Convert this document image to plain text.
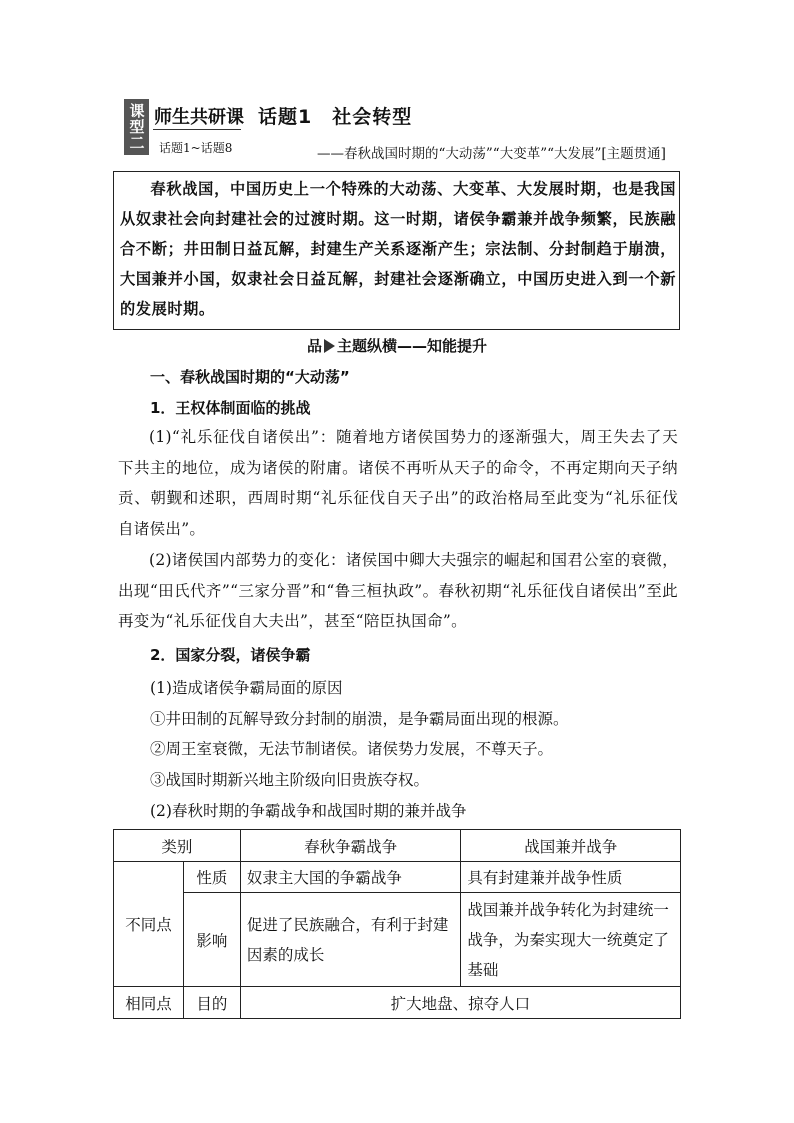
课型二 师生共研课
话题1~话题8
话题1　社会转型
——春秋战国时期的“大动荡”“大变革”“大发展”[主题贯通]
春秋战国，中国历史上一个特殊的大动荡、大变革、大发展时期，也是我国从奴隶社会向封建社会的过渡时期。这一时期，诸侯争霸兼并战争频繁，民族融合不断；井田制日益瓦解，封建生产关系逐渐产生；宗法制、分封制趋于崩溃，大国兼并小国，奴隶社会日益瓦解，封建社会逐渐确立，中国历史进入到一个新的发展时期。
品 主题纵横——知能提升
一、春秋战国时期的“大动荡”
1．王权体制面临的挑战
(1)“礼乐征伐自诸侯出”：随着地方诸侯国势力的逐渐强大，周王失去了天下共主的地位，成为诸侯的附庸。诸侯不再听从天子的命令，不再定期向天子纳贡、朝觐和述职，西周时期“礼乐征伐自天子出”的政治格局至此变为“礼乐征伐自诸侯出”。
(2)诸侯国内部势力的变化：诸侯国中卿大夫强宗的崛起和国君公室的衰微，出现“田氏代齐”“三家分晋”和“鲁三桓执政”。春秋初期“礼乐征伐自诸侯出”至此再变为“礼乐征伐自大夫出”，甚至“陪臣执国命”。
2．国家分裂，诸侯争霸
(1)造成诸侯争霸局面的原因
①井田制的瓦解导致分封制的崩溃，是争霸局面出现的根源。
②周王室衰微，无法节制诸侯。诸侯势力发展，不尊天子。
③战国时期新兴地主阶级向旧贵族夺权。
(2)春秋时期的争霸战争和战国时期的兼并战争
类别		春秋争霸战争	战国兼并战争
不同点	性质	奴隶主大国的争霸战争	具有封建兼并战争性质
	影响	促进了民族融合，有利于封建因素的成长	战国兼并战争转化为封建统一战争，为秦实现大一统奠定了基础
相同点	目的	扩大地盘、掠夺人口	
